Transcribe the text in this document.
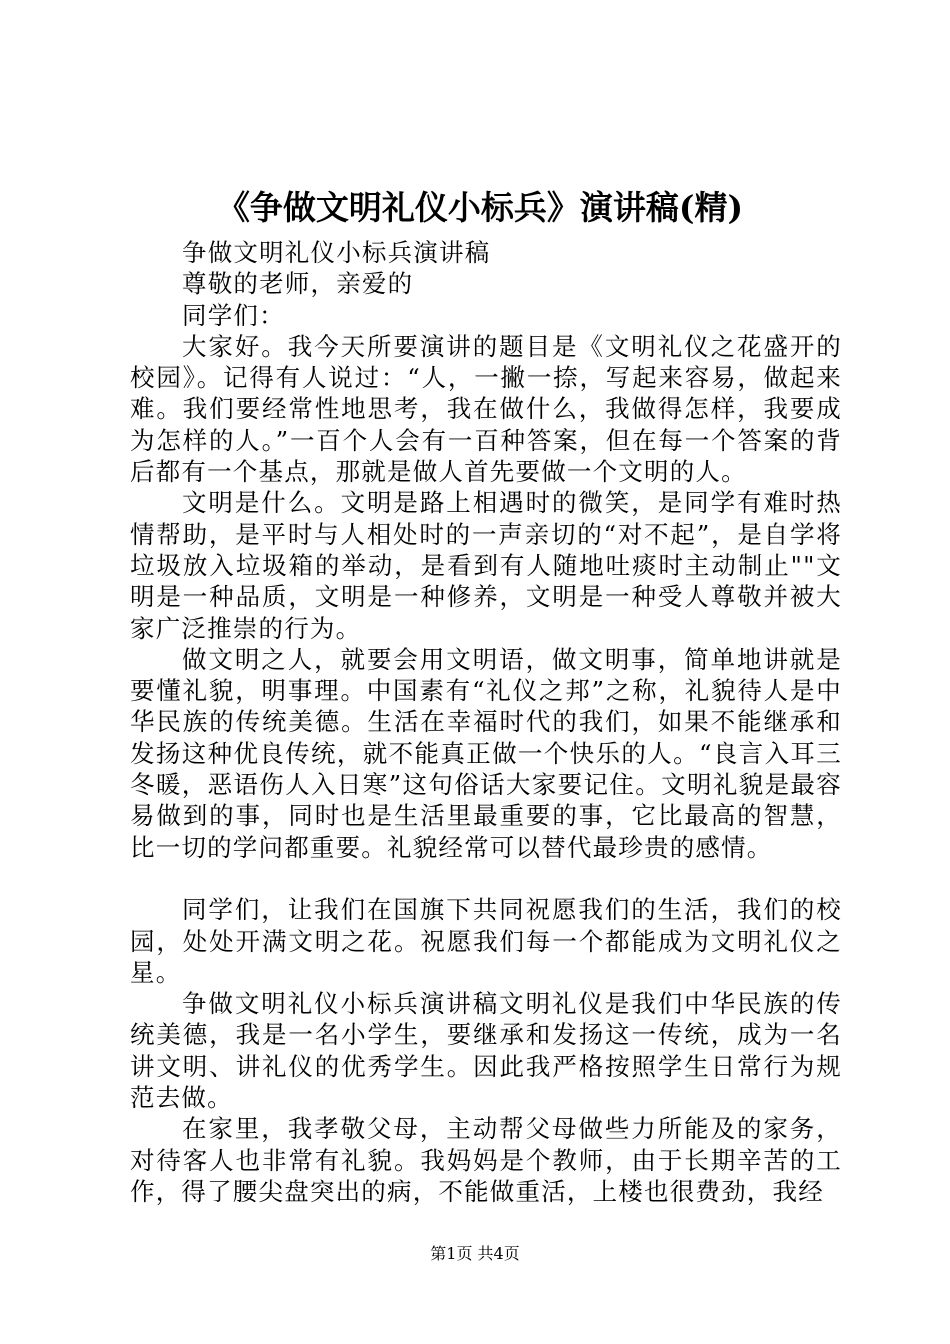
《争做文明礼仪小标兵》演讲稿(精)

争做文明礼仪小标兵演讲稿

尊敬的老师，亲爱的

同学们：

大家好。我今天所要演讲的题目是《文明礼仪之花盛开的校园》。记得有人说过：“人，一撇一捺，写起来容易，做起来难。我们要经常性地思考，我在做什么，我做得怎样，我要成为怎样的人。”一百个人会有一百种答案，但在每一个答案的背后都有一个基点，那就是做人首先要做一个文明的人。

文明是什么。文明是路上相遇时的微笑，是同学有难时热情帮助，是平时与人相处时的一声亲切的“对不起”，是自学将垃圾放入垃圾箱的举动，是看到有人随地吐痰时主动制止""文明是一种品质，文明是一种修养，文明是一种受人尊敬并被大家广泛推崇的行为。

做文明之人，就要会用文明语，做文明事，简单地讲就是要懂礼貌，明事理。中国素有“礼仪之邦”之称，礼貌待人是中华民族的传统美德。生活在幸福时代的我们，如果不能继承和发扬这种优良传统，就不能真正做一个快乐的人。“良言入耳三冬暖，恶语伤人入日寒”这句俗话大家要记住。文明礼貌是最容易做到的事，同时也是生活里最重要的事，它比最高的智慧，比一切的学问都重要。礼貌经常可以替代最珍贵的感情。

同学们，让我们在国旗下共同祝愿我们的生活，我们的校园，处处开满文明之花。祝愿我们每一个都能成为文明礼仪之星。

争做文明礼仪小标兵演讲稿文明礼仪是我们中华民族的传统美德，我是一名小学生，要继承和发扬这一传统，成为一名讲文明、讲礼仪的优秀学生。因此我严格按照学生日常行为规范去做。

在家里，我孝敬父母，主动帮父母做些力所能及的家务，对待客人也非常有礼貌。我妈妈是个教师，由于长期辛苦的工作，得了腰尖盘突出的病，不能做重活，上楼也很费劲，我经

第1页 共4页
